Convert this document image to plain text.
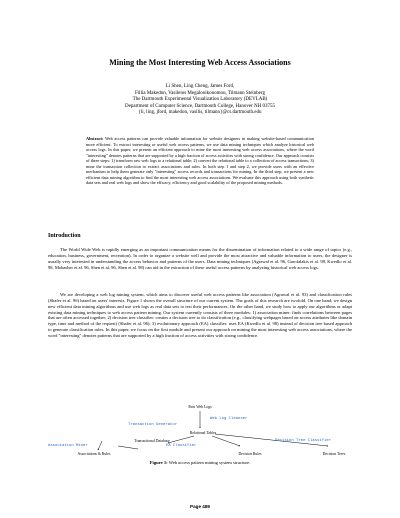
Mining the Most Interesting Web Access Associations
Li Shen, Ling Cheng, James Ford,
Fillia Makedon, Vasileios Megalooikonomou, Tilmann Steinberg
The Dartmouth Experimental Visualization Laboratory (DEVLAB)
Department of Computer Science, Dartmouth College, Hanover NH 03755
{li, ling, jford, makedon, vasilis, tilmann}@cs.dartmouth.edu
Abstract: Web access patterns can provide valuable information for website designers in making website-based communication more efficient. To extract interesting or useful web access patterns, we use data mining techniques which analyze historical web access logs. In this paper, we present an efficient approach to mine the most interesting web access associations, where the word "interesting" denotes patterns that are supported by a high fraction of access activities with strong confidence. Our approach consists of three steps: 1) transform raw web logs to a relational table; 2) convert the relational table to a collection of access transactions; 3) mine the transaction collection to extract associations and rules. In both step 1 and step 2, we provide users with an effective mechanism to help them generate only "interesting" access records and transactions for mining. In the third step, we present a new efficient data mining algorithm to find the most interesting web access associations. We evaluate this approach using both synthetic data sets and real web logs and show the efficacy, efficiency and good scalability of the proposed mining methods.
Introduction
The World Wide Web is rapidly emerging as an important communication means for the dissemination of information related to a wide range of topics (e.g., education, business, government, recreation). In order to organize a website well and provide the most attractive and valuable information to users, the designer is usually very interested in understanding the access behavior and patterns of the users. Data mining techniques (Agrawal et al. 96, Garofalakis et al. 98, Kwedlo et al. 98, Mobasher et al. 96, Shen et al. 96, Shen et al. 98) can aid in the extraction of these useful access patterns by analyzing historical web access logs.
We are developing a web log mining system, which aims to discover useful web access patterns like association (Agrawal et al. 93) and classification rules (Shafer et al. 96) based on users' interests. Figure 1 shows the overall structure of our current system. The goals of this research are twofold. On one hand, we design new efficient data mining algorithms and use web logs as real data sets to test their performances. On the other hand, we study how to apply our algorithms or adapt existing data mining techniques to web access pattern mining. Our system currently consists of three modules: 1) association miner: finds correlations between pages that are often accessed together; 2) decision tree classifier: creates a decision tree to do classification (e.g., classifying webpages based on access attributes like domain type, time and method of the request) (Shafer et al. 96); 3) evolutionary approach (EA) classifier: uses EA (Kwedlo et al. 98) instead of decision tree based approach to generate classification rules. In this paper, we focus on the first module and present our approach on mining the most interesting web access associations, where the word "interesting" denotes patterns that are supported by a high fraction of access activities with strong confidence.
Raw Web Logs
Web Log Cleanser
Transaction Generator
Relational Tables
Transactional Database	Decision Tree Classifier
Association Miner	EA Classifier
Associations & Rules	Decision Rules	Decision Trees
Figure 1: Web access pattern mining system structure.
Page 489
